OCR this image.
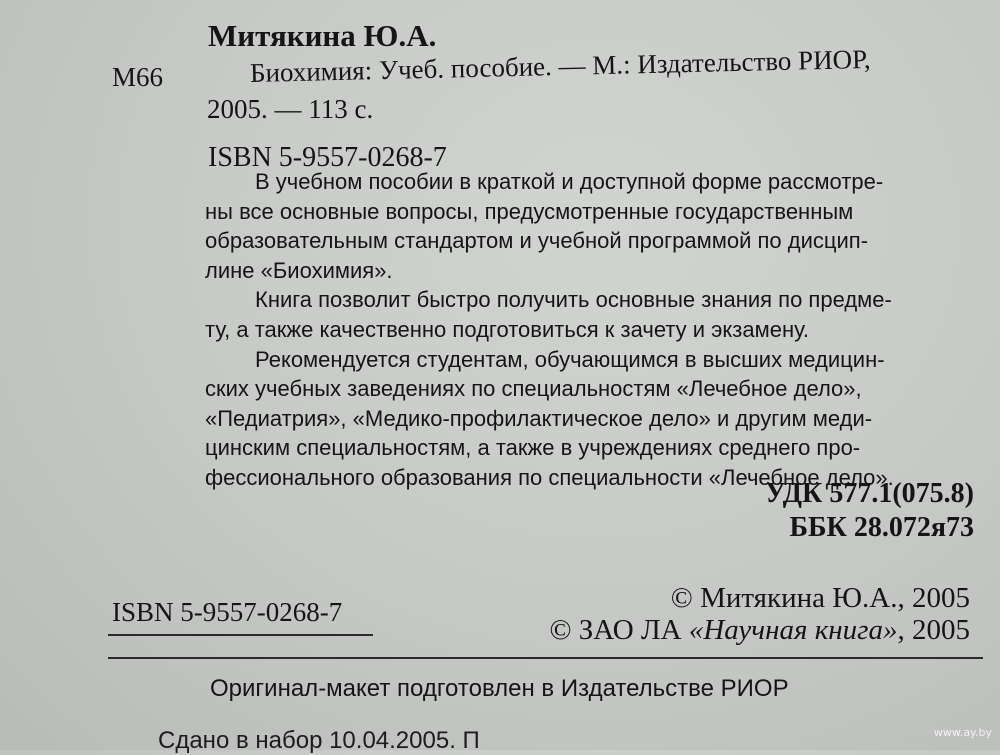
Митякина Ю.А.
М66	Биохимия: Учеб. пособие. — М.: Издательство РИОР,
2005. — 113 с.
ISBN 5-9557-0268-7
В учебном пособии в краткой и доступной форме рассмотре-
ны все основные вопросы, предусмотренные государственным
образовательным стандартом и учебной программой по дисцип-
лине «Биохимия».
Книга позволит быстро получить основные знания по предме-
ту, а также качественно подготовиться к зачету и экзамену.
Рекомендуется студентам, обучающимся в высших медицин-
ских учебных заведениях по специальностям «Лечебное дело»,
«Педиатрия», «Медико-профилактическое дело» и другим меди-
цинским специальностям, а также в учреждениях среднего про-
фессионального образования по специальности «Лечебное дело».
УДК 577.1(075.8)
ББК 28.072я73
ISBN 5-9557-0268-7	© Митякина Ю.А., 2005
© ЗАО ЛА «Научная книга», 2005
Оригинал-макет подготовлен в Издательстве РИОР
Сдано в набор 10.04.2005. П	www.ay.by
